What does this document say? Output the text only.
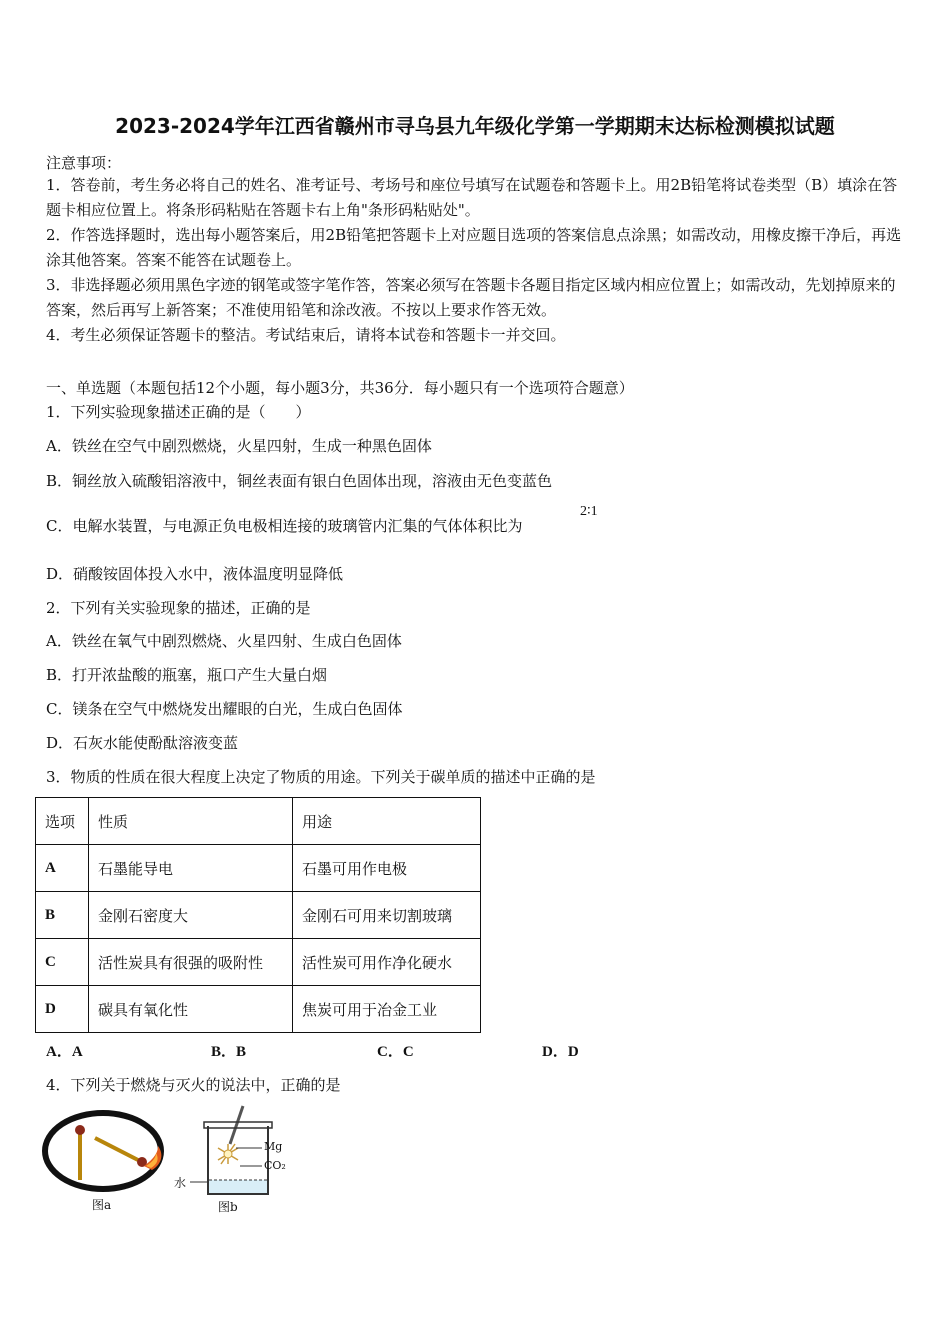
2023-2024学年江西省赣州市寻乌县九年级化学第一学期期末达标检测模拟试题
注意事项：
1．答卷前，考生务必将自己的姓名、准考证号、考场号和座位号填写在试题卷和答题卡上。用2B铅笔将试卷类型（B）填涂在答题卡相应位置上。将条形码粘贴在答题卡右上角"条形码粘贴处"。
2．作答选择题时，选出每小题答案后，用2B铅笔把答题卡上对应题目选项的答案信息点涂黑；如需改动，用橡皮擦干净后，再选涂其他答案。答案不能答在试题卷上。
3．非选择题必须用黑色字迹的钢笔或签字笔作答，答案必须写在答题卡各题目指定区域内相应位置上；如需改动，先划掉原来的答案，然后再写上新答案；不准使用铅笔和涂改液。不按以上要求作答无效。
4．考生必须保证答题卡的整洁。考试结束后，请将本试卷和答题卡一并交回。
一、单选题（本题包括12个小题，每小题3分，共36分．每小题只有一个选项符合题意）
1．下列实验现象描述正确的是（　　）
A．铁丝在空气中剧烈燃烧，火星四射，生成一种黑色固体
B．铜丝放入硫酸铝溶液中，铜丝表面有银白色固体出现，溶液由无色变蓝色
C．电解水装置，与电源正负电极相连接的玻璃管内汇集的气体体积比为
2∶1
D．硝酸铵固体投入水中，液体温度明显降低
2．下列有关实验现象的描述，正确的是
A．铁丝在氧气中剧烈燃烧、火星四射、生成白色固体
B．打开浓盐酸的瓶塞，瓶口产生大量白烟
C．镁条在空气中燃烧发出耀眼的白光，生成白色固体
D．石灰水能使酚酞溶液变蓝
3．物质的性质在很大程度上决定了物质的用途。下列关于碳单质的描述中正确的是
选项	性质	用途
A	石墨能导电	石墨可用作电极
B	金刚石密度大	金刚石可用来切割玻璃
C	活性炭具有很强的吸附性	活性炭可用作净化硬水
D	碳具有氧化性	焦炭可用于冶金工业
A．A	B．B	C．C	D．D
4．下列关于燃烧与灭火的说法中，正确的是
图a
Mg
CO₂
水
图b
